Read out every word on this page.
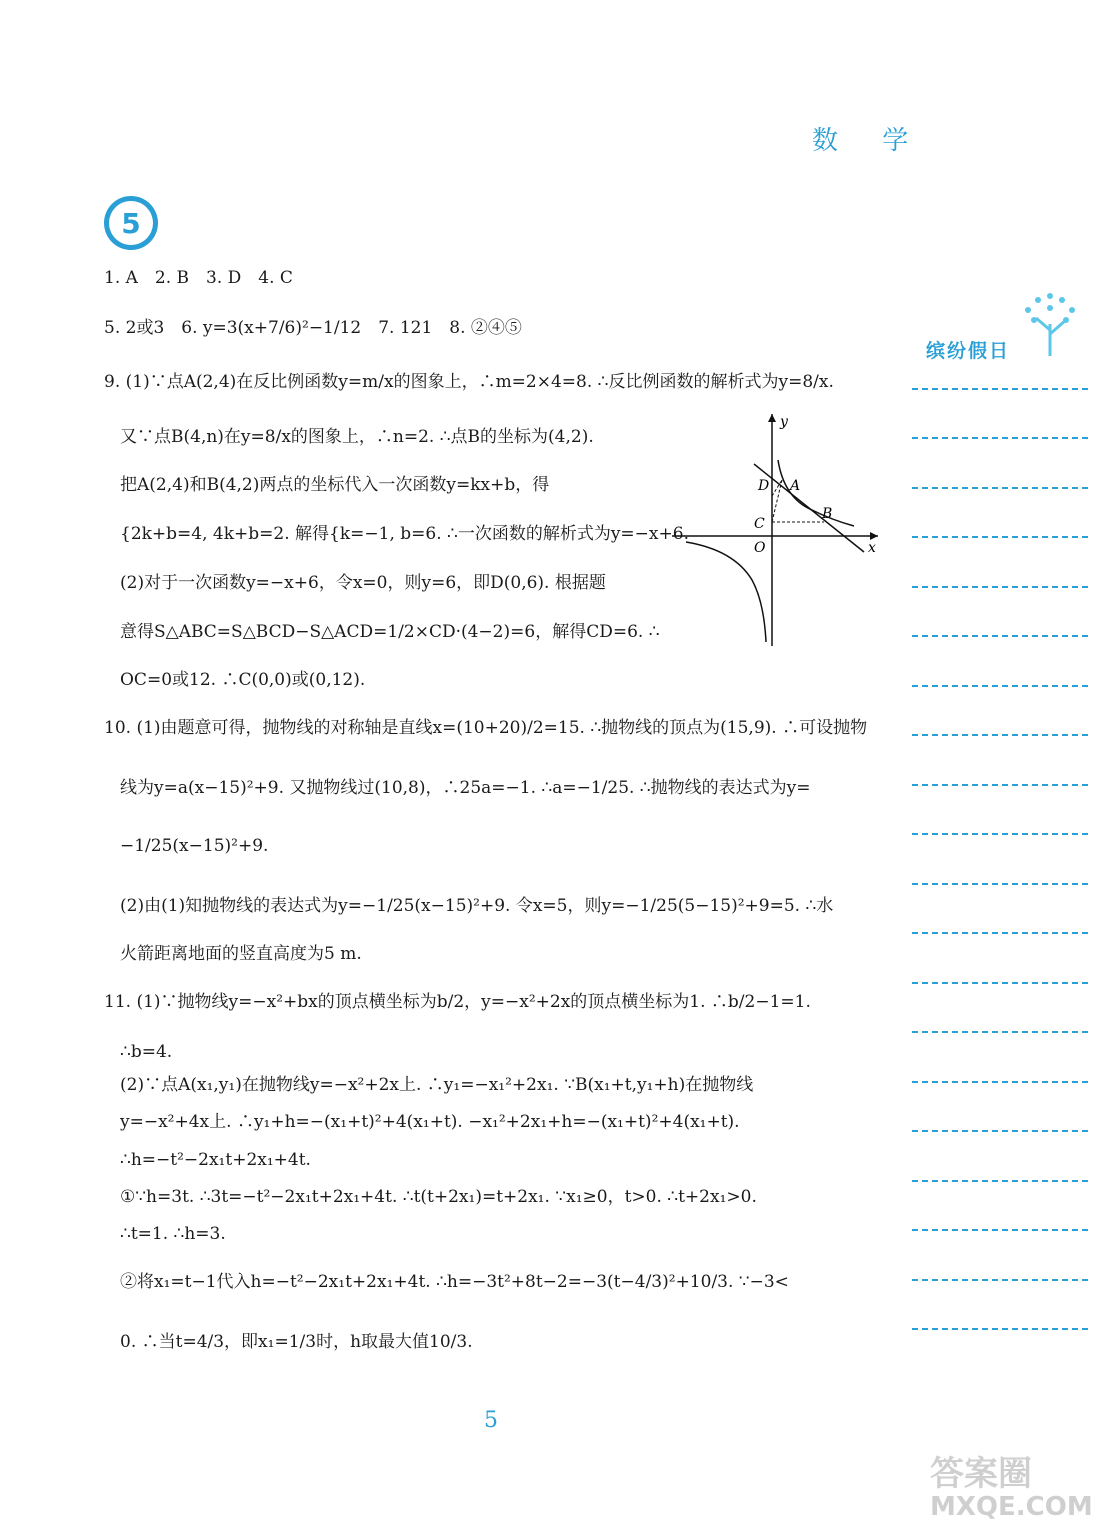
数 学
5
缤纷假日
1. A　2. B　3. D　4. C
5. 2或3　6. y=3(x+7/6)²−1/12　7. 121　8. ②④⑤
9. (1)∵点A(2,4)在反比例函数y=m/x的图象上，∴m=2×4=8. ∴反比例函数的解析式为y=8/x.
又∵点B(4,n)在y=8/x的图象上，∴n=2. ∴点B的坐标为(4,2).
把A(2,4)和B(4,2)两点的坐标代入一次函数y=kx+b，得
{2k+b=4, 4k+b=2. 解得{k=−1, b=6. ∴一次函数的解析式为y=−x+6.
(2)对于一次函数y=−x+6，令x=0，则y=6，即D(0,6). 根据题
意得S△ABC=S△BCD−S△ACD=1/2×CD·(4−2)=6，解得CD=6. ∴
OC=0或12. ∴C(0,0)或(0,12).
10. (1)由题意可得，抛物线的对称轴是直线x=(10+20)/2=15. ∴抛物线的顶点为(15,9). ∴可设抛物
线为y=a(x−15)²+9. 又抛物线过(10,8)，∴25a=−1. ∴a=−1/25. ∴抛物线的表达式为y=
−1/25(x−15)²+9.
(2)由(1)知抛物线的表达式为y=−1/25(x−15)²+9. 令x=5，则y=−1/25(5−15)²+9=5. ∴水
火箭距离地面的竖直高度为5 m.
11. (1)∵抛物线y=−x²+bx的顶点横坐标为b/2，y=−x²+2x的顶点横坐标为1. ∴b/2−1=1.
∴b=4.
(2)∵点A(x₁,y₁)在抛物线y=−x²+2x上. ∴y₁=−x₁²+2x₁. ∵B(x₁+t,y₁+h)在抛物线
y=−x²+4x上. ∴y₁+h=−(x₁+t)²+4(x₁+t). −x₁²+2x₁+h=−(x₁+t)²+4(x₁+t).
∴h=−t²−2x₁t+2x₁+4t.
①∵h=3t. ∴3t=−t²−2x₁t+2x₁+4t. ∴t(t+2x₁)=t+2x₁. ∵x₁≥0，t>0. ∴t+2x₁>0.
∴t=1. ∴h=3.
②将x₁=t−1代入h=−t²−2x₁t+2x₁+4t. ∴h=−3t²+8t−2=−3(t−4/3)²+10/3. ∵−3<
0. ∴当t=4/3，即x₁=1/3时，h取最大值10/3.
y
x
O
A
B
C
D
5
答案圈
MXQE.COM
